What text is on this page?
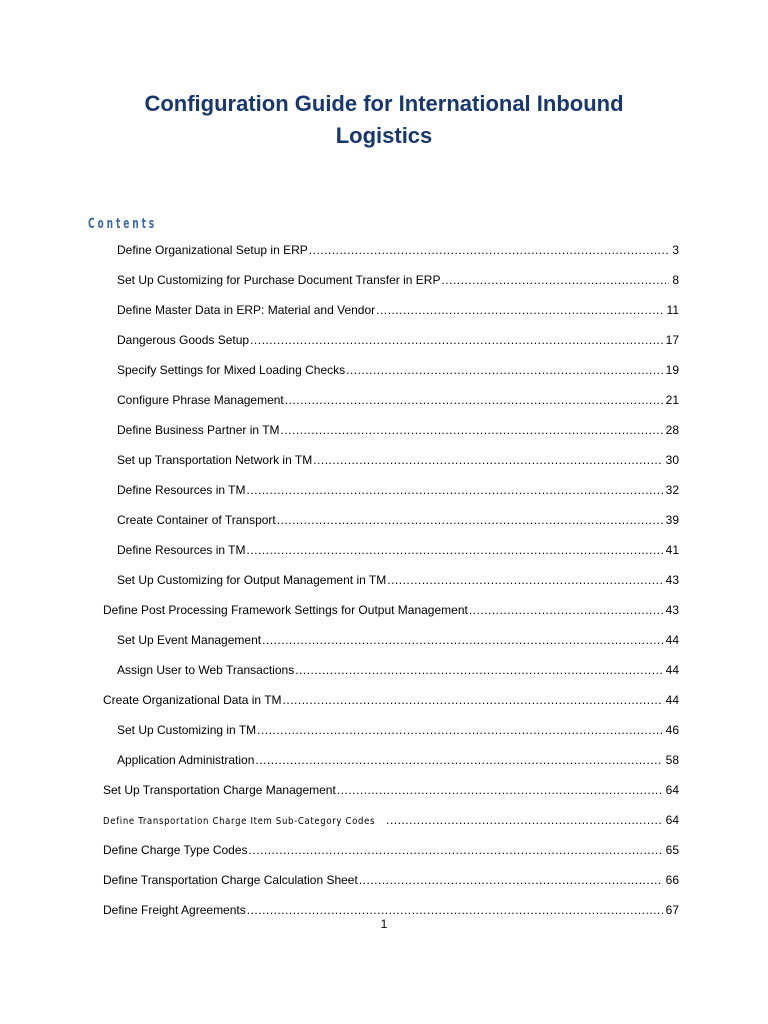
Configuration Guide for International Inbound
Logistics
Contents
Define Organizational Setup in ERP .....	3
Set Up Customizing for Purchase Document Transfer in ERP .....	8
Define Master Data in ERP: Material and Vendor .....	11
Dangerous Goods Setup .....	17
Specify Settings for Mixed Loading Checks .....	19
Configure Phrase Management .....	21
Define Business Partner in TM .....	28
Set up Transportation Network in TM .....	30
Define Resources in TM .....	32
Create Container of Transport .....	39
Define Resources in TM .....	41
Set Up Customizing for Output Management in TM .....	43
Define Post Processing Framework Settings for Output Management .....	43
Set Up Event Management .....	44
Assign User to Web Transactions .....	44
Create Organizational Data in TM .....	44
Set Up Customizing in TM .....	46
Application Administration .....	58
Set Up Transportation Charge Management .....	64
Define Transportation Charge Item Sub-Category Codes .....	64
Define Charge Type Codes .....	65
Define Transportation Charge Calculation Sheet .....	66
Define Freight Agreements .....	67
1
